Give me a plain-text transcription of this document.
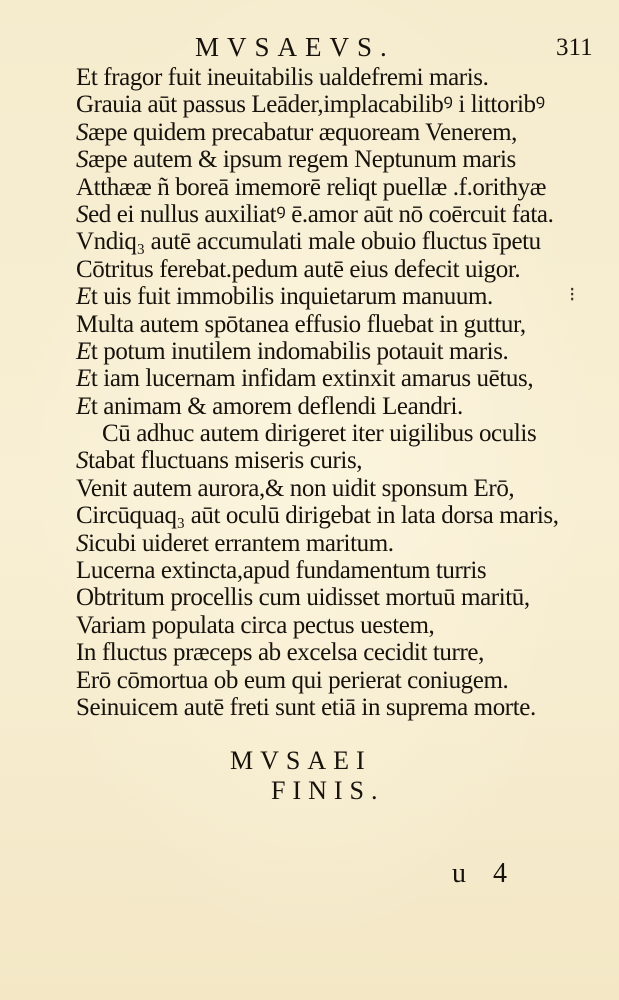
MVSAEVS.	311
Et fragor fuit ineuitabilis ualdefremi maris.
Grauia aūt passus Leāder,implacabilibꝰ i littoribꝰ
Sæpe quidem precabatur æquoream Venerem,
Sæpe autem & ipsum regem Neptunum maris
Atthææ ñ boreā imemorē reliqt puellæ .f.orithyæ
Sed ei nullus auxiliatꝰ ē.amor aūt nō coērcuit fata.
Vndiq₃ autē accumulati male obuio fluctus īpetu
Cōtritus ferebat.pedum autē eius defecit uigor.
Et uis fuit immobilis inquietarum manuum.
Multa autem spōtanea effusio fluebat in guttur,
Et potum inutilem indomabilis potauit maris.
Et iam lucernam infidam extinxit amarus uētus,
Et animam & amorem deflendi Leandri.
Cū adhuc autem dirigeret iter uigilibus oculis
Stabat fluctuans miseris curis,
Venit autem aurora,& non uidit sponsum Erō,
Circūquaq₃ aūt oculū dirigebat in lata dorsa maris,
Sicubi uideret errantem maritum.
Lucerna extincta,apud fundamentum turris
Obtritum procellis cum uidisset mortuū maritū,
Variam populata circa pectus uestem,
In fluctus præceps ab excelsa cecidit turre,
Erō cōmortua ob eum qui perierat coniugem.
Seinuicem autē freti sunt etiā in suprema morte.
⁝
MVSAEI
FINIS.
u 4
